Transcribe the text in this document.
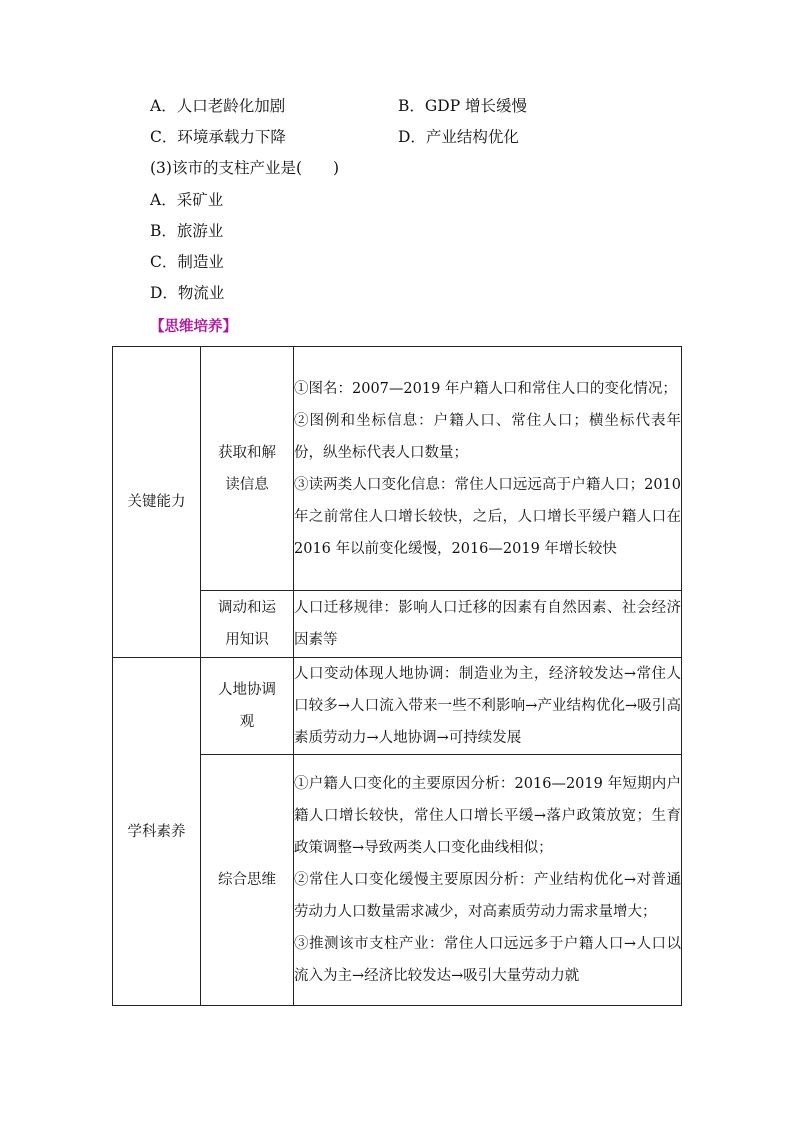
A．人口老龄化加剧	B．GDP 增长缓慢
C．环境承载力下降	D．产业结构优化
(3)该市的支柱产业是(　　)
A．采矿业
B．旅游业
C．制造业
D．物流业
【思维培养】
关键能力	获取和解读信息	①图名：2007—2019 年户籍人口和常住人口的变化情况；
②图例和坐标信息：户籍人口、常住人口；横坐标代表年份，纵坐标代表人口数量；
③读两类人口变化信息：常住人口远远高于户籍人口；2010 年之前常住人口增长较快，之后，人口增长平缓户籍人口在 2016 年以前变化缓慢，2016—2019 年增长较快

	调动和运用知识	人口迁移规律：影响人口迁移的因素有自然因素、社会经济因素等

学科素养	人地协调观	人口变动体现人地协调：制造业为主，经济较发达→常住人口较多→人口流入带来一些不利影响→产业结构优化→吸引高素质劳动力→人地协调→可持续发展

	综合思维	①户籍人口变化的主要原因分析：2016—2019 年短期内户籍人口增长较快，常住人口增长平缓→落户政策放宽；生育政策调整→导致两类人口变化曲线相似；
②常住人口变化缓慢主要原因分析：产业结构优化→对普通劳动力人口数量需求减少，对高素质劳动力需求量增大；
③推测该市支柱产业：常住人口远远多于户籍人口→人口以流入为主→经济比较发达→吸引大量劳动力就
